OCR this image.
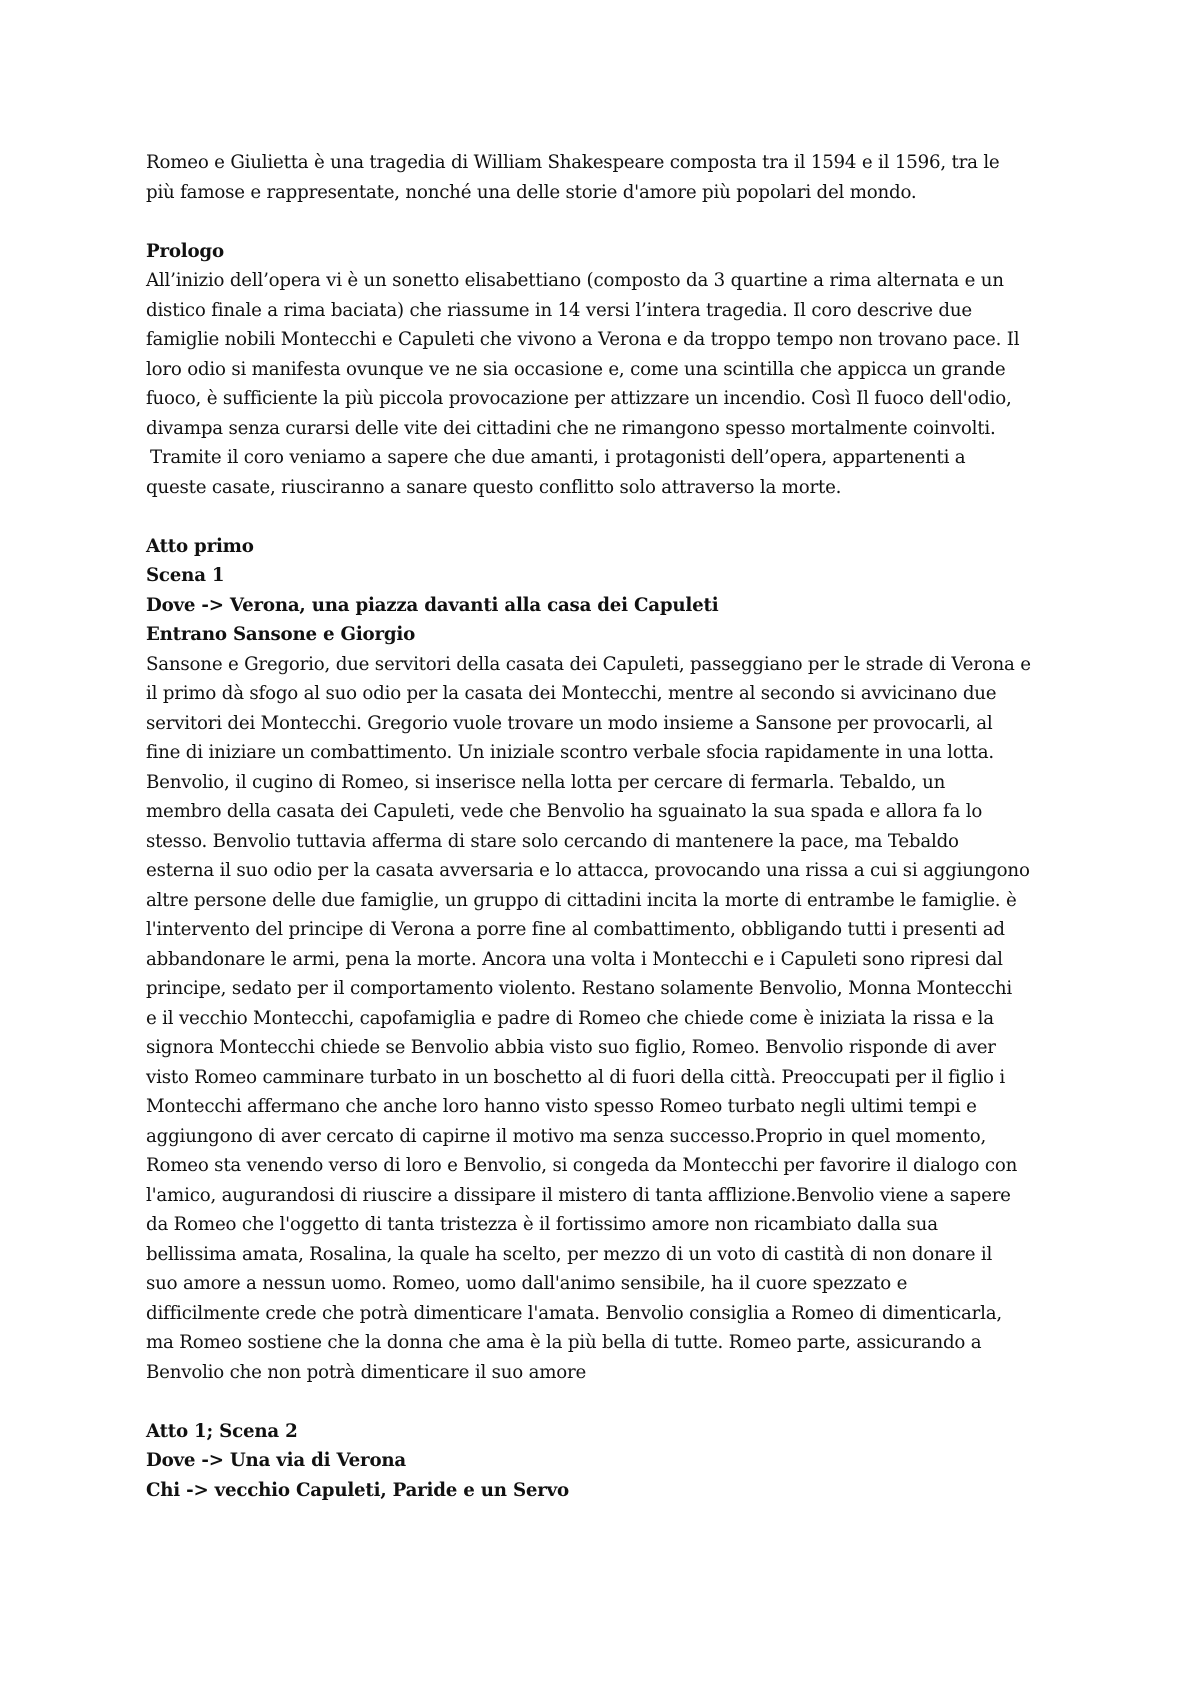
Romeo e Giulietta è una tragedia di William Shakespeare composta tra il 1594 e il 1596, tra le

più famose e rappresentate, nonché una delle storie d'amore più popolari del mondo.

Prologo

All’inizio dell’opera vi è un sonetto elisabettiano (composto da 3 quartine a rima alternata e un

distico finale a rima baciata) che riassume in 14 versi l’intera tragedia. Il coro descrive due

famiglie nobili Montecchi e Capuleti che vivono a Verona e da troppo tempo non trovano pace. Il

loro odio si manifesta ovunque ve ne sia occasione e, come una scintilla che appicca un grande

fuoco, è sufficiente la più piccola provocazione per attizzare un incendio. Così Il fuoco dell'odio,

divampa senza curarsi delle vite dei cittadini che ne rimangono spesso mortalmente coinvolti.

Tramite il coro veniamo a sapere che due amanti, i protagonisti dell’opera, appartenenti a

queste casate, riusciranno a sanare questo conflitto solo attraverso la morte.

Atto primo

Scena 1

Dove -> Verona, una piazza davanti alla casa dei Capuleti

Entrano Sansone e Giorgio

Sansone e Gregorio, due servitori della casata dei Capuleti, passeggiano per le strade di Verona e

il primo dà sfogo al suo odio per la casata dei Montecchi, mentre al secondo si avvicinano due

servitori dei Montecchi. Gregorio vuole trovare un modo insieme a Sansone per provocarli, al

fine di iniziare un combattimento. Un iniziale scontro verbale sfocia rapidamente in una lotta.

Benvolio, il cugino di Romeo, si inserisce nella lotta per cercare di fermarla. Tebaldo, un

membro della casata dei Capuleti, vede che Benvolio ha sguainato la sua spada e allora fa lo

stesso. Benvolio tuttavia afferma di stare solo cercando di mantenere la pace, ma Tebaldo

esterna il suo odio per la casata avversaria e lo attacca, provocando una rissa a cui si aggiungono

altre persone delle due famiglie, un gruppo di cittadini incita la morte di entrambe le famiglie. è

l'intervento del principe di Verona a porre fine al combattimento, obbligando tutti i presenti ad

abbandonare le armi, pena la morte. Ancora una volta i Montecchi e i Capuleti sono ripresi dal

principe, sedato per il comportamento violento. Restano solamente Benvolio, Monna Montecchi

e il vecchio Montecchi, capofamiglia e padre di Romeo che chiede come è iniziata la rissa e la

signora Montecchi chiede se Benvolio abbia visto suo figlio, Romeo. Benvolio risponde di aver

visto Romeo camminare turbato in un boschetto al di fuori della città. Preoccupati per il figlio i

Montecchi affermano che anche loro hanno visto spesso Romeo turbato negli ultimi tempi e

aggiungono di aver cercato di capirne il motivo ma senza successo.Proprio in quel momento,

Romeo sta venendo verso di loro e Benvolio, si congeda da Montecchi per favorire il dialogo con

l'amico, augurandosi di riuscire a dissipare il mistero di tanta afflizione.Benvolio viene a sapere

da Romeo che l'oggetto di tanta tristezza è il fortissimo amore non ricambiato dalla sua

bellissima amata, Rosalina, la quale ha scelto, per mezzo di un voto di castità di non donare il

suo amore a nessun uomo. Romeo, uomo dall'animo sensibile, ha il cuore spezzato e

difficilmente crede che potrà dimenticare l'amata. Benvolio consiglia a Romeo di dimenticarla,

ma Romeo sostiene che la donna che ama è la più bella di tutte. Romeo parte, assicurando a

Benvolio che non potrà dimenticare il suo amore

Atto 1; Scena 2

Dove -> Una via di Verona

Chi -> vecchio Capuleti, Paride e un Servo
